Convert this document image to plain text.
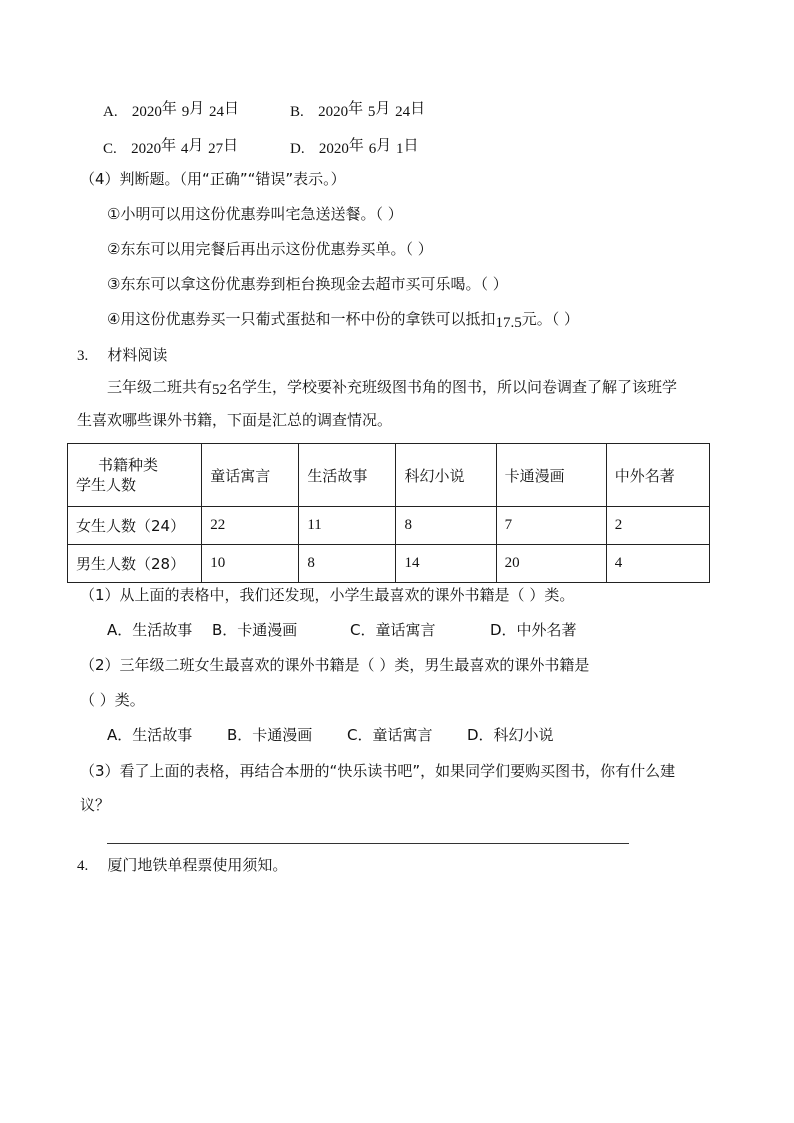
A. 2020年 9月 24日	B. 2020年 5月 24日
C. 2020年 4月 27日	D. 2020年 6月 1日
（4）判断题。（用“正确”“错误”表示。）
①小明可以用这份优惠券叫宅急送送餐。（ ）
②东东可以用完餐后再出示这份优惠券买单。（ ）
③东东可以拿这份优惠券到柜台换现金去超市买可乐喝。（ ）
④用这份优惠券买一只葡式蛋挞和一杯中份的拿铁可以抵扣17.5元。（ ）
3. 材料阅读
三年级二班共有52名学生，学校要补充班级图书角的图书，所以问卷调查了解了该班学
生喜欢哪些课外书籍，下面是汇总的调查情况。
书籍种类
学生人数	童话寓言	生活故事	科幻小说	卡通漫画	中外名著
女生人数（24）	22	11	8	7	2
男生人数（28）	10	8	14	20	4
（1）从上面的表格中，我们还发现，小学生最喜欢的课外书籍是（ ）类。
A．生活故事 B．卡通漫画	C．童话寓言	D．中外名著
（2）三年级二班女生最喜欢的课外书籍是（ ）类，男生最喜欢的课外书籍是
（ ）类。
A．生活故事 B．卡通漫画 C．童话寓言 D．科幻小说
（3）看了上面的表格，再结合本册的“快乐读书吧”，如果同学们要购买图书，你有什么建
议？
4. 厦门地铁单程票使用须知。
